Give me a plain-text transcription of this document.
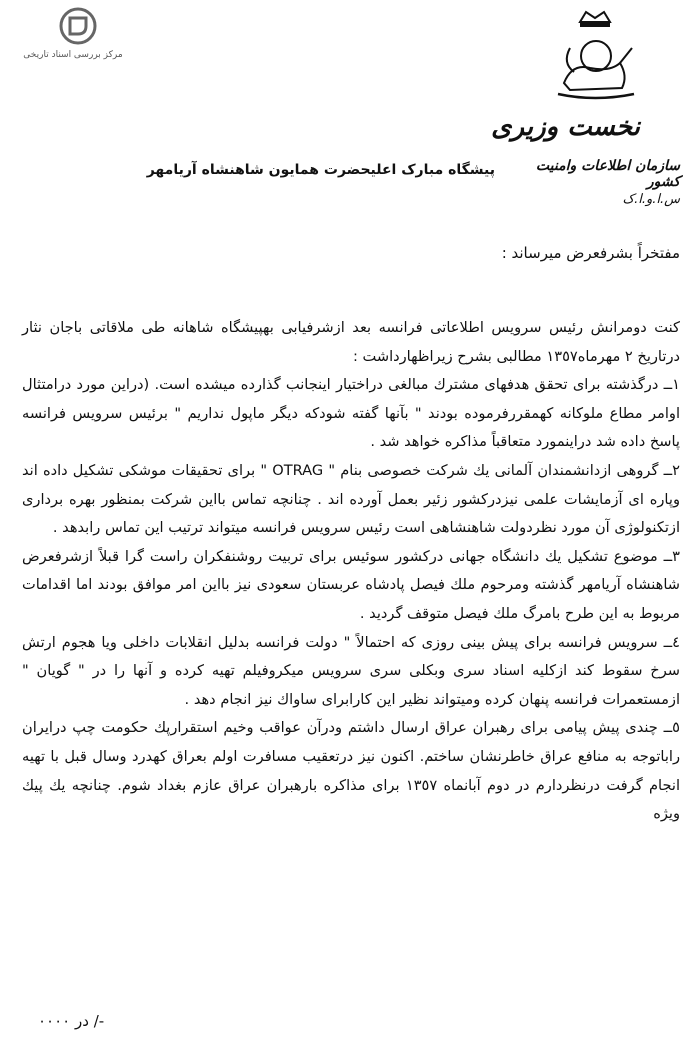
مرکز بررسی اسناد تاریخی
نخست وزیری
سازمان اطلاعات وامنیت کشور
پیشگاه مبارک اعلیحضرت همایون شاهنشاه آریامهر
س.ا.و.ا.ک
مفتخراً بشرفعرض میرساند :

کنت دومرانش رئیس سرویس اطلاعاتی فرانسه بعد ازشرفیابی بهپیشگاه شاهانه طی ملاقاتی باجان نثار درتاریخ ٢ مهرماه١٣٥٧ مطالبی بشرح زیراظهارداشت :

١ــ درگذشته برای تحقق هدفهای مشترك مبالغی دراختیار اینجانب گذارده میشده است. (دراین مورد درامتثال اوامر مطاع ملوکانه کهمقررفرموده بودند " بآنها گفته شودکه دیگر ماپول نداریم " برئیس سرویس فرانسه پاسخ داده شد دراینمورد متعاقباً مذاکره خواهد شد .

٢ــ گروهی ازدانشمندان آلمانی یك شرکت خصوصی بنام " OTRAG " برای تحقیقات موشکی تشکیل داده اند وپاره ای آزمایشات علمی نیزدرکشور زئیر بعمل آورده اند . چنانچه تماس بااین شرکت بمنظور بهره برداری ازتکنولوژی آن مورد نظردولت شاهنشاهی است رئیس سرویس فرانسه میتواند ترتیب این تماس رابدهد .

٣ــ موضوع تشکیل یك دانشگاه جهانی درکشور سوئیس برای تربیت روشنفکران راست گرا قبلاً ازشرفعرض شاهنشاه آریامهر گذشته ومرحوم ملك فیصل پادشاه عربستان سعودی نیز بااین امر موافق بودند اما اقدامات مربوط به این طرح بامرگ ملك فیصل متوقف گردید .

٤ــ سرویس فرانسه برای پیش بینی روزی که احتمالاً " دولت فرانسه بدلیل انقلابات داخلی ویا هجوم ارتش سرخ سقوط کند ازکلیه اسناد سری وبکلی سری سرویس میکروفیلم تهیه کرده و آنها را در " گویان " ازمستعمرات فرانسه پنهان کرده ومیتواند نظیر این کارابرای ساواك نیز انجام دهد .

٥ــ چندی پیش پیامی برای رهبران عراق ارسال داشتم ودرآن عواقب وخیم استقرارپك حکومت چپ درایران راباتوجه به منافع عراق خاطرنشان ساختم. اکنون نیز درتعقیب مسافرت اولم بعراق کهدرد وسال قبل با تهیه انجام گرفت درنظردارم در دوم آبانماه ١٣٥٧ برای مذاکره بارهبران عراق عازم بغداد شوم. چنانچه یك پیك ویژه

-/ در ٠٠٠٠
